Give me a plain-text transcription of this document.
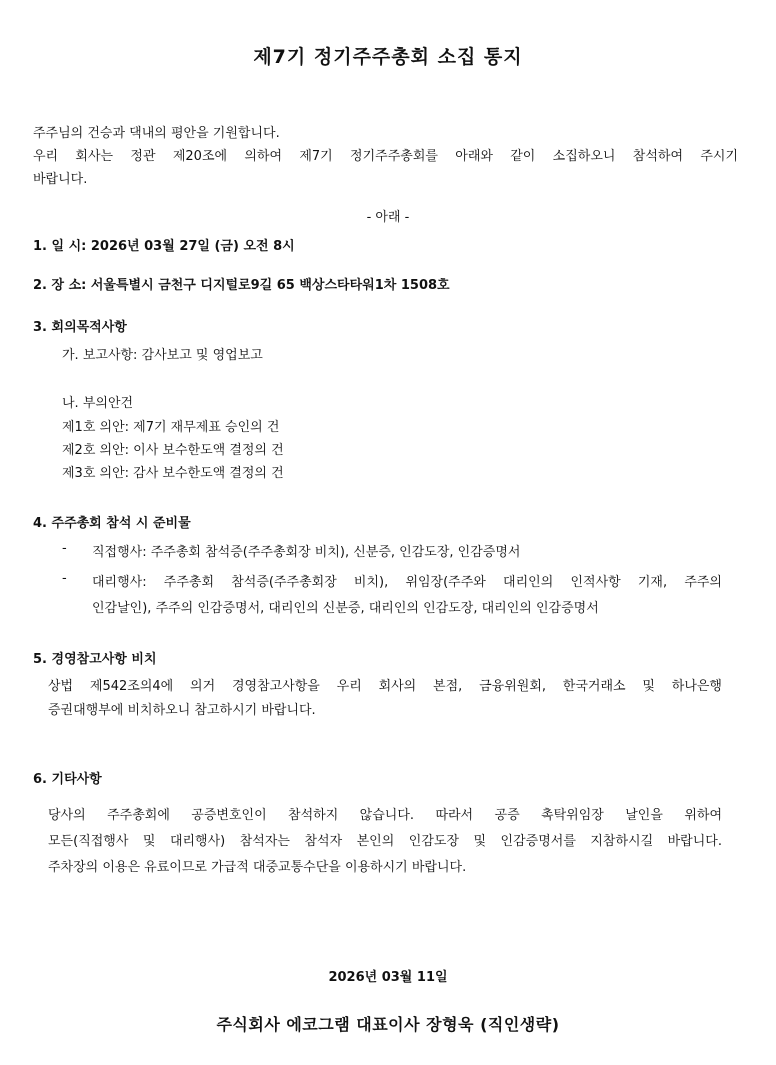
제7기 정기주주총회 소집 통지
주주님의 건승과 댁내의 평안을 기원합니다.
우리 회사는 정관 제20조에 의하여 제7기 정기주주총회를 아래와 같이 소집하오니 참석하여 주시기
바랍니다.
- 아래 -
1. 일 시: 2026년 03월 27일 (금) 오전 8시
2. 장 소: 서울특별시 금천구 디지털로9길 65 백상스타타워1차 1508호
3. 회의목적사항
가. 보고사항: 감사보고 및 영업보고
나. 부의안건
제1호 의안: 제7기 재무제표 승인의 건
제2호 의안: 이사 보수한도액 결정의 건
제3호 의안: 감사 보수한도액 결정의 건
4. 주주총회 참석 시 준비물
- 직접행사: 주주총회 참석증(주주총회장 비치), 신분증, 인감도장, 인감증명서
- 대리행사: 주주총회 참석증(주주총회장 비치), 위임장(주주와 대리인의 인적사항 기재, 주주의
인감날인), 주주의 인감증명서, 대리인의 신분증, 대리인의 인감도장, 대리인의 인감증명서
5. 경영참고사항 비치
상법 제542조의4에 의거 경영참고사항을 우리 회사의 본점, 금융위원회, 한국거래소 및 하나은행
증권대행부에 비치하오니 참고하시기 바랍니다.
6. 기타사항
당사의 주주총회에 공증변호인이 참석하지 않습니다. 따라서 공증 촉탁위임장 날인을 위하여
모든(직접행사 및 대리행사) 참석자는 참석자 본인의 인감도장 및 인감증명서를 지참하시길 바랍니다.
주차장의 이용은 유료이므로 가급적 대중교통수단을 이용하시기 바랍니다.
2026년 03월 11일
주식회사 에코그램 대표이사 장형욱 (직인생략)
